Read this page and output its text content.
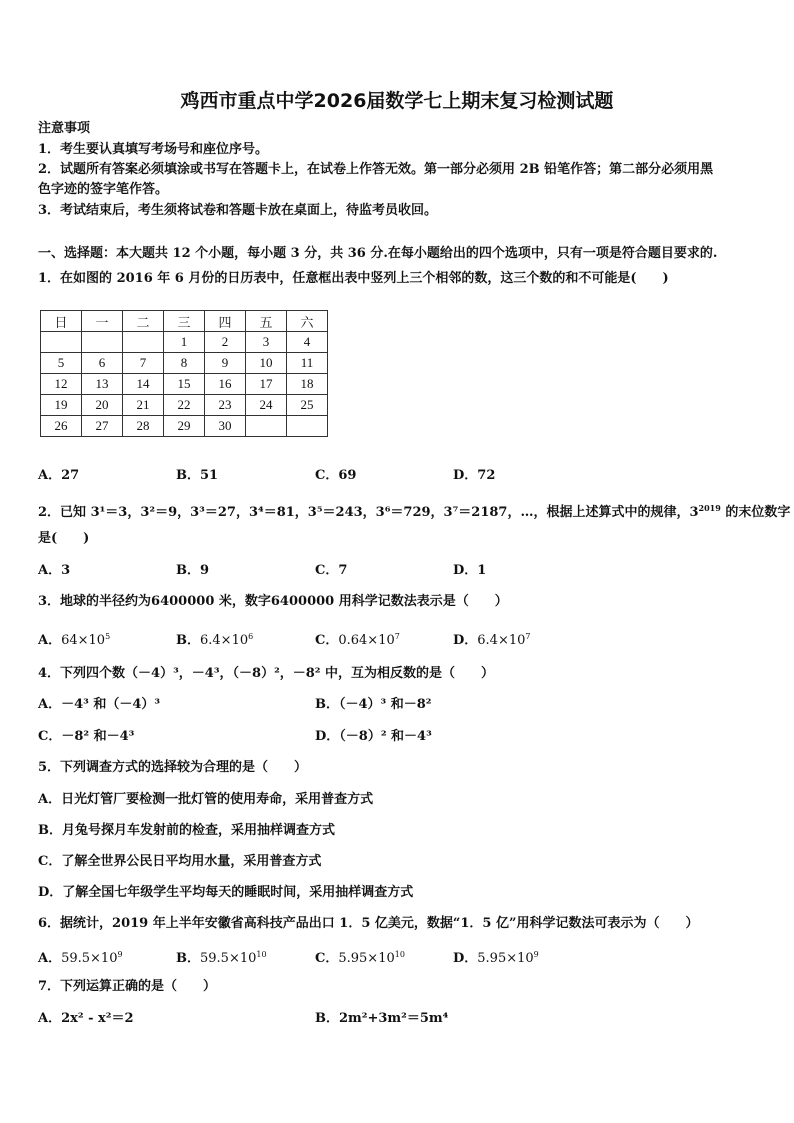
鸡西市重点中学2026届数学七上期末复习检测试题
注意事项
1．考生要认真填写考场号和座位序号。
2．试题所有答案必须填涂或书写在答题卡上，在试卷上作答无效。第一部分必须用 2B 铅笔作答；第二部分必须用黑
色字迹的签字笔作答。
3．考试结束后，考生须将试卷和答题卡放在桌面上，待监考员收回。
一、选择题：本大题共 12 个小题，每小题 3 分，共 36 分.在每小题给出的四个选项中，只有一项是符合题目要求的.
1．在如图的 2016 年 6 月份的日历表中，任意框出表中竖列上三个相邻的数，这三个数的和不可能是(　　)
日	一	二	三	四	五	六
			1	2	3	4
5	6	7	8	9	10	11
12	13	14	15	16	17	18
19	20	21	22	23	24	25
26	27	28	29	30		
A．27	B．51	C．69	D．72
2．已知 3¹＝3，3²＝9，3³＝27，3⁴＝81，3⁵＝243，3⁶＝729，3⁷＝2187，…，根据上述算式中的规律，$3^{2019}$ 的末位数字
是(　　)
A．3	B．9	C．7	D．1
3．地球的半径约为6400000 米，数字6400000 用科学记数法表示是（　　）
A．$64\times 10^5$	B．$6.4\times 10^6$	C．$0.64\times 10^7$	D．$6.4\times 10^7$
4．下列四个数（－4）³，－4³，（－8）²，－8² 中，互为相反数的是（　　）
A．－4³ 和（－4）³	B．（－4）³ 和－8²
C．－8² 和－4³	D．（－8）² 和－4³
5．下列调查方式的选择较为合理的是（　　）
A．日光灯管厂要检测一批灯管的使用寿命，采用普查方式
B．月兔号探月车发射前的检查，采用抽样调查方式
C．了解全世界公民日平均用水量，采用普查方式
D．了解全国七年级学生平均每天的睡眠时间，采用抽样调查方式
6．据统计，2019 年上半年安徽省高科技产品出口 1．5 亿美元，数据“1．5 亿”用科学记数法可表示为（　　）
A．$59.5\times 10^9$	B．$59.5\times 10^{10}$	C．$5.95\times 10^{10}$	D．$5.95\times 10^9$
7．下列运算正确的是（　　）
A．2x² - x²＝2	B．2m²+3m²＝5m⁴
